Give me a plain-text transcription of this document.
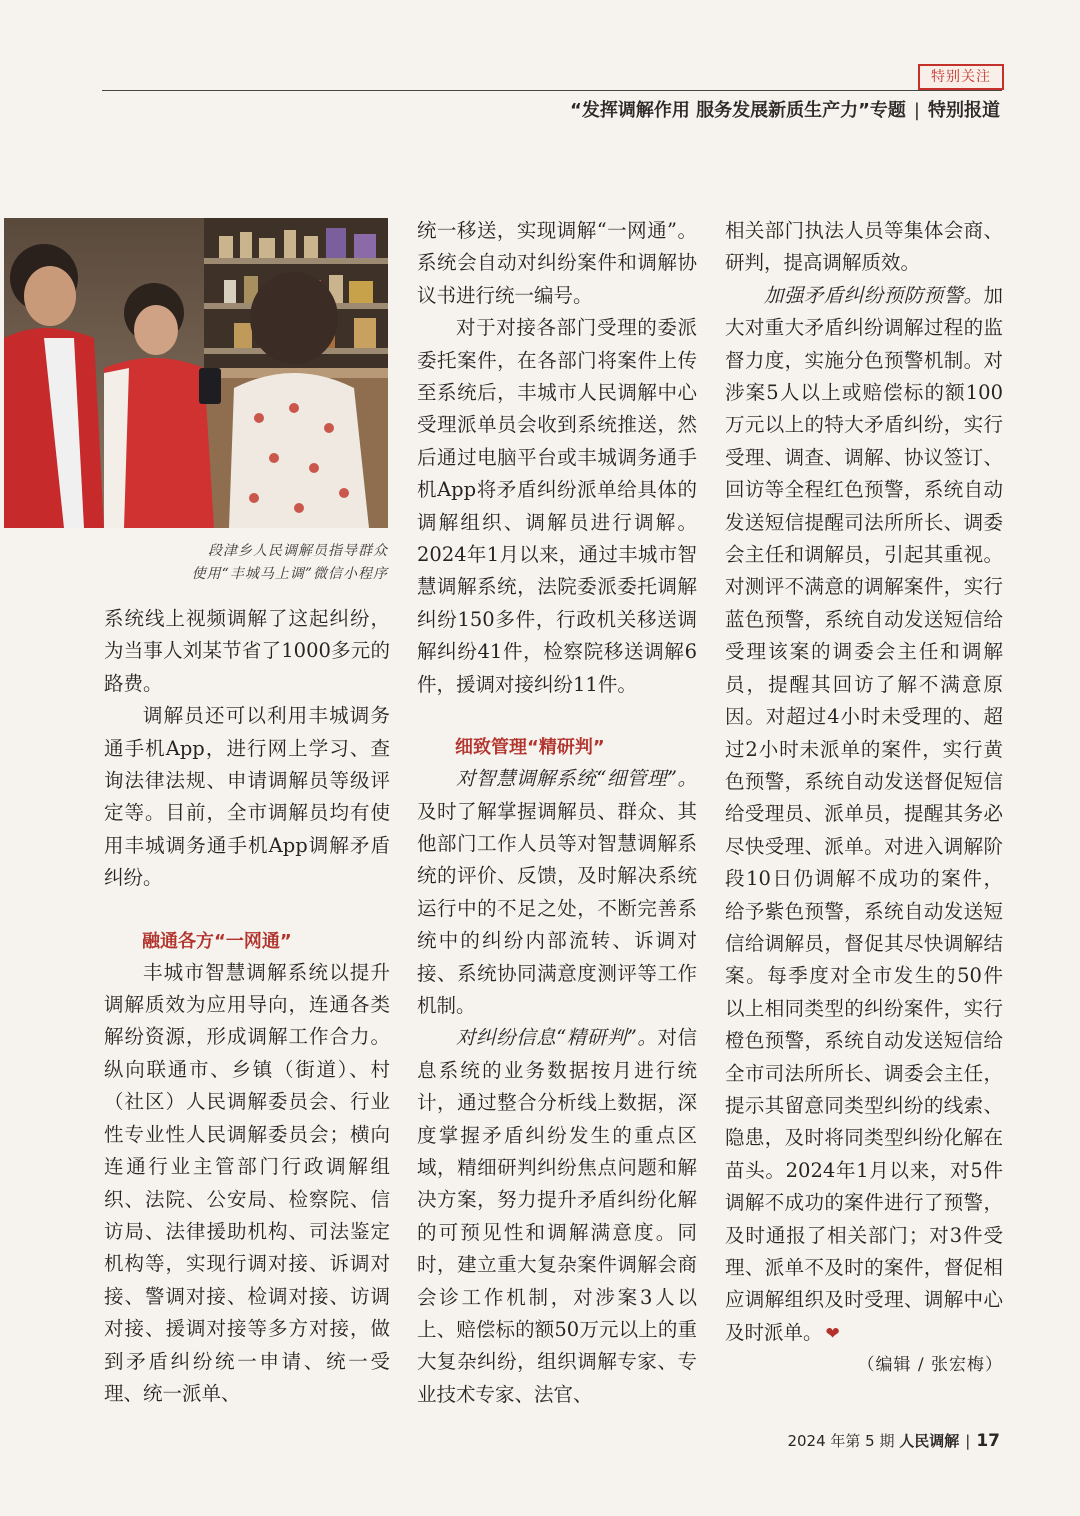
特别关注
“发挥调解作用 服务发展新质生产力”专题 | 特别报道
段津乡人民调解员指导群众
使用“丰城马上调”微信小程序

系统线上视频调解了这起纠纷，为当事人刘某节省了1000多元的路费。

调解员还可以利用丰城调务通手机App，进行网上学习、查询法律法规、申请调解员等级评定等。目前，全市调解员均有使用丰城调务通手机App调解矛盾纠纷。

融通各方“一网通”

丰城市智慧调解系统以提升调解质效为应用导向，连通各类解纷资源，形成调解工作合力。纵向联通市、乡镇（街道）、村（社区）人民调解委员会、行业性专业性人民调解委员会；横向连通行业主管部门行政调解组织、法院、公安局、检察院、信访局、法律援助机构、司法鉴定机构等，实现行调对接、诉调对接、警调对接、检调对接、访调对接、援调对接等多方对接，做到矛盾纠纷统一申请、统一受理、统一派单、

统一移送，实现调解“一网通”。系统会自动对纠纷案件和调解协议书进行统一编号。

对于对接各部门受理的委派委托案件，在各部门将案件上传至系统后，丰城市人民调解中心受理派单员会收到系统推送，然后通过电脑平台或丰城调务通手机App将矛盾纠纷派单给具体的调解组织、调解员进行调解。2024年1月以来，通过丰城市智慧调解系统，法院委派委托调解纠纷150多件，行政机关移送调解纠纷41件，检察院移送调解6件，援调对接纠纷11件。

细致管理“精研判”

对智慧调解系统“细管理”。及时了解掌握调解员、群众、其他部门工作人员等对智慧调解系统的评价、反馈，及时解决系统运行中的不足之处，不断完善系统中的纠纷内部流转、诉调对接、系统协同满意度测评等工作机制。

对纠纷信息“精研判”。对信息系统的业务数据按月进行统计，通过整合分析线上数据，深度掌握矛盾纠纷发生的重点区域，精细研判纠纷焦点问题和解决方案，努力提升矛盾纠纷化解的可预见性和调解满意度。同时，建立重大复杂案件调解会商会诊工作机制，对涉案3人以上、赔偿标的额50万元以上的重大复杂纠纷，组织调解专家、专业技术专家、法官、

相关部门执法人员等集体会商、研判，提高调解质效。

加强矛盾纠纷预防预警。加大对重大矛盾纠纷调解过程的监督力度，实施分色预警机制。对涉案5人以上或赔偿标的额100万元以上的特大矛盾纠纷，实行受理、调查、调解、协议签订、回访等全程红色预警，系统自动发送短信提醒司法所所长、调委会主任和调解员，引起其重视。对测评不满意的调解案件，实行蓝色预警，系统自动发送短信给受理该案的调委会主任和调解员，提醒其回访了解不满意原因。对超过4小时未受理的、超过2小时未派单的案件，实行黄色预警，系统自动发送督促短信给受理员、派单员，提醒其务必尽快受理、派单。对进入调解阶段10日仍调解不成功的案件，给予紫色预警，系统自动发送短信给调解员，督促其尽快调解结案。每季度对全市发生的50件以上相同类型的纠纷案件，实行橙色预警，系统自动发送短信给全市司法所所长、调委会主任，提示其留意同类型纠纷的线索、隐患，及时将同类型纠纷化解在苗头。2024年1月以来，对5件调解不成功的案件进行了预警，及时通报了相关部门；对3件受理、派单不及时的案件，督促相应调解组织及时受理、调解中心及时派单。 ❤

（编辑 / 张宏梅）

2024 年第 5 期 人民调解 | 17
